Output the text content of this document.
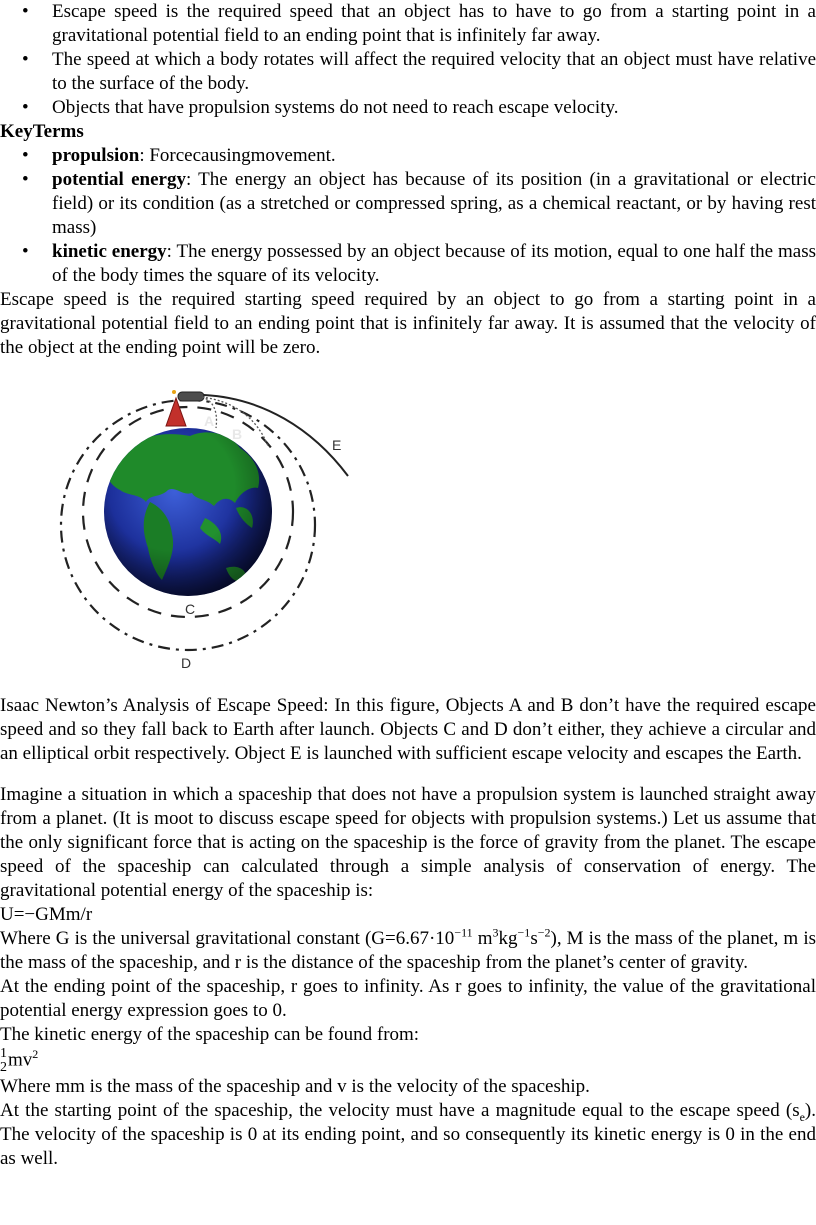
• Escape speed is the required speed that an object has to have to go from a starting point in a gravitational potential field to an ending point that is infinitely far away.
• The speed at which a body rotates will affect the required velocity that an object must have relative to the surface of the body.
• Objects that have propulsion systems do not need to reach escape velocity.
KeyTerms
• propulsion: Forcecausingmovement.
• potential energy: The energy an object has because of its position (in a gravitational or electric field) or its condition (as a stretched or compressed spring, as a chemical reactant, or by having rest mass)
• kinetic energy: The energy possessed by an object because of its motion, equal to one half the mass of the body times the square of its velocity.

Escape speed is the required starting speed required by an object to go from a starting point in a gravitational potential field to an ending point that is infinitely far away. It is assumed that the velocity of the object at the ending point will be zero.

A
B
E
C
D

Isaac Newton’s Analysis of Escape Speed: In this figure, Objects A and B don’t have the required escape speed and so they fall back to Earth after launch. Objects C and D don’t either, they achieve a circular and an elliptical orbit respectively. Object E is launched with sufficient escape velocity and escapes the Earth.

Imagine a situation in which a spaceship that does not have a propulsion system is launched straight away from a planet. (It is moot to discuss escape speed for objects with propulsion systems.) Let us assume that the only significant force that is acting on the spaceship is the force of gravity from the planet. The escape speed of the spaceship can calculated through a simple analysis of conservation of energy. The gravitational potential energy of the spaceship is:

U=−GMm/r

Where G is the universal gravitational constant ($G=6.67\cdot 10^{-11}$ $m^3kg^{-1}s^{-2}$), M is the mass of the planet, m is the mass of the spaceship, and r is the distance of the spaceship from the planet’s center of gravity.

At the ending point of the spaceship, r goes to infinity. As r goes to infinity, the value of the gravitational potential energy expression goes to 0.

The kinetic energy of the spaceship can be found from:

1
2 $mv^2$

Where mm is the mass of the spaceship and v is the velocity of the spaceship.

At the starting point of the spaceship, the velocity must have a magnitude equal to the escape speed $(s_e)$. The velocity of the spaceship is 0 at its ending point, and so consequently its kinetic energy is 0 in the end as well.
